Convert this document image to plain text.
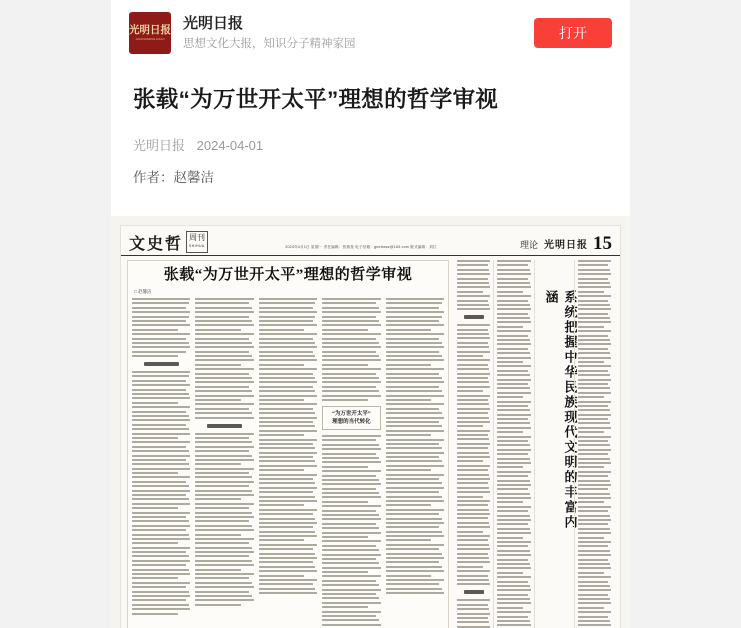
光明日报
GUANGMING DAILY
光明日报
思想文化大报，知识分子精神家园
打开
张载“为万世开太平”理想的哲学审视
光明日报 2024-04-01
作者：赵馨洁
文史哲 周刊
SHIHUA	2024年4月1日 星期一 责任编辑：张瑞堃 电子信箱：gmrbwsz@163.com 版式编辑：刘江	理论 光明日报 15
张载“为万世开太平”理想的哲学审视
□ 赵馨洁
“为万世开太平”
理想的当代转化	系统把握中华民族现代文明的丰富内涵
